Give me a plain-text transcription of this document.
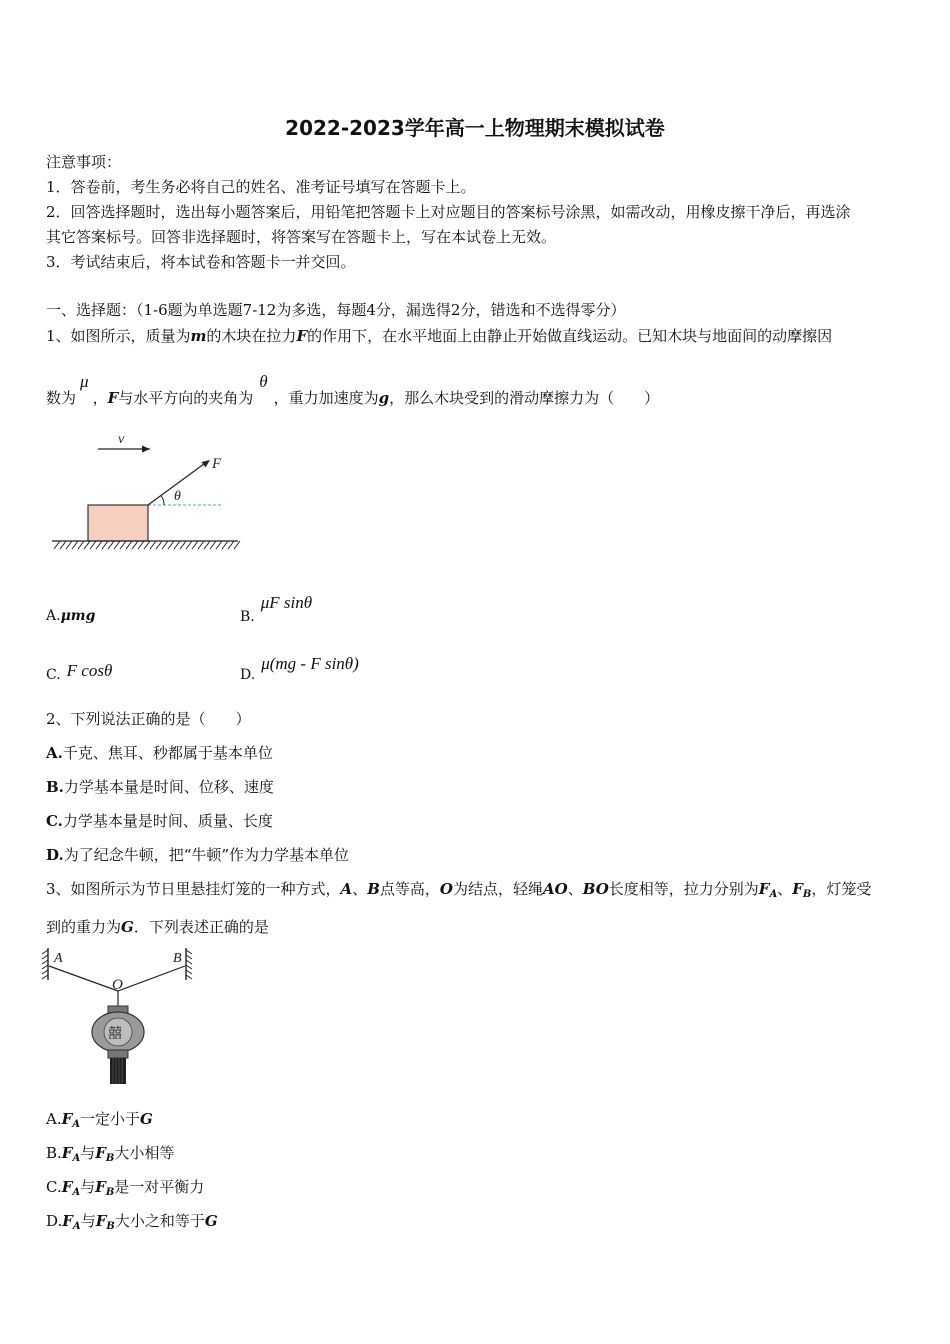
2022-2023学年高一上物理期末模拟试卷
注意事项：
1．答卷前，考生务必将自己的姓名、准考证号填写在答题卡上。
2．回答选择题时，选出每小题答案后，用铅笔把答题卡上对应题目的答案标号涂黑，如需改动，用橡皮擦干净后，再选涂
其它答案标号。回答非选择题时，将答案写在答题卡上，写在本试卷上无效。
3．考试结束后，将本试卷和答题卡一并交回。
一、选择题：（1-6题为单选题7-12为多选，每题4分，漏选得2分，错选和不选得零分）
1、如图所示，质量为m的木块在拉力F的作用下，在水平地面上由静止开始做直线运动。已知木块与地面间的动摩擦因
数为μ，F与水平方向的夹角为θ，重力加速度为g，那么木块受到的滑动摩擦力为（　　）
v
F
θ
A.μmg	B.μF sinθ
C. F cosθ	D.μ(mg - F sinθ)
2、下列说法正确的是（　　）
A.千克、焦耳、秒都属于基本单位
B.力学基本量是时间、位移、速度
C.力学基本量是时间、质量、长度
D.为了纪念牛顿，把“牛顿”作为力学基本单位
3、如图所示为节日里悬挂灯笼的一种方式，A、B点等高，O为结点，轻绳AO、BO长度相等，拉力分别为$F_A$、$F_B$，灯笼受
到的重力为G．下列表述正确的是
A	B
O
囍
$A.F_A$一定小于G
$B.F_A$与$F_B$大小相等
$C.F_A$与$F_B$是一对平衡力
$D.F_A$与$F_B$大小之和等于G
